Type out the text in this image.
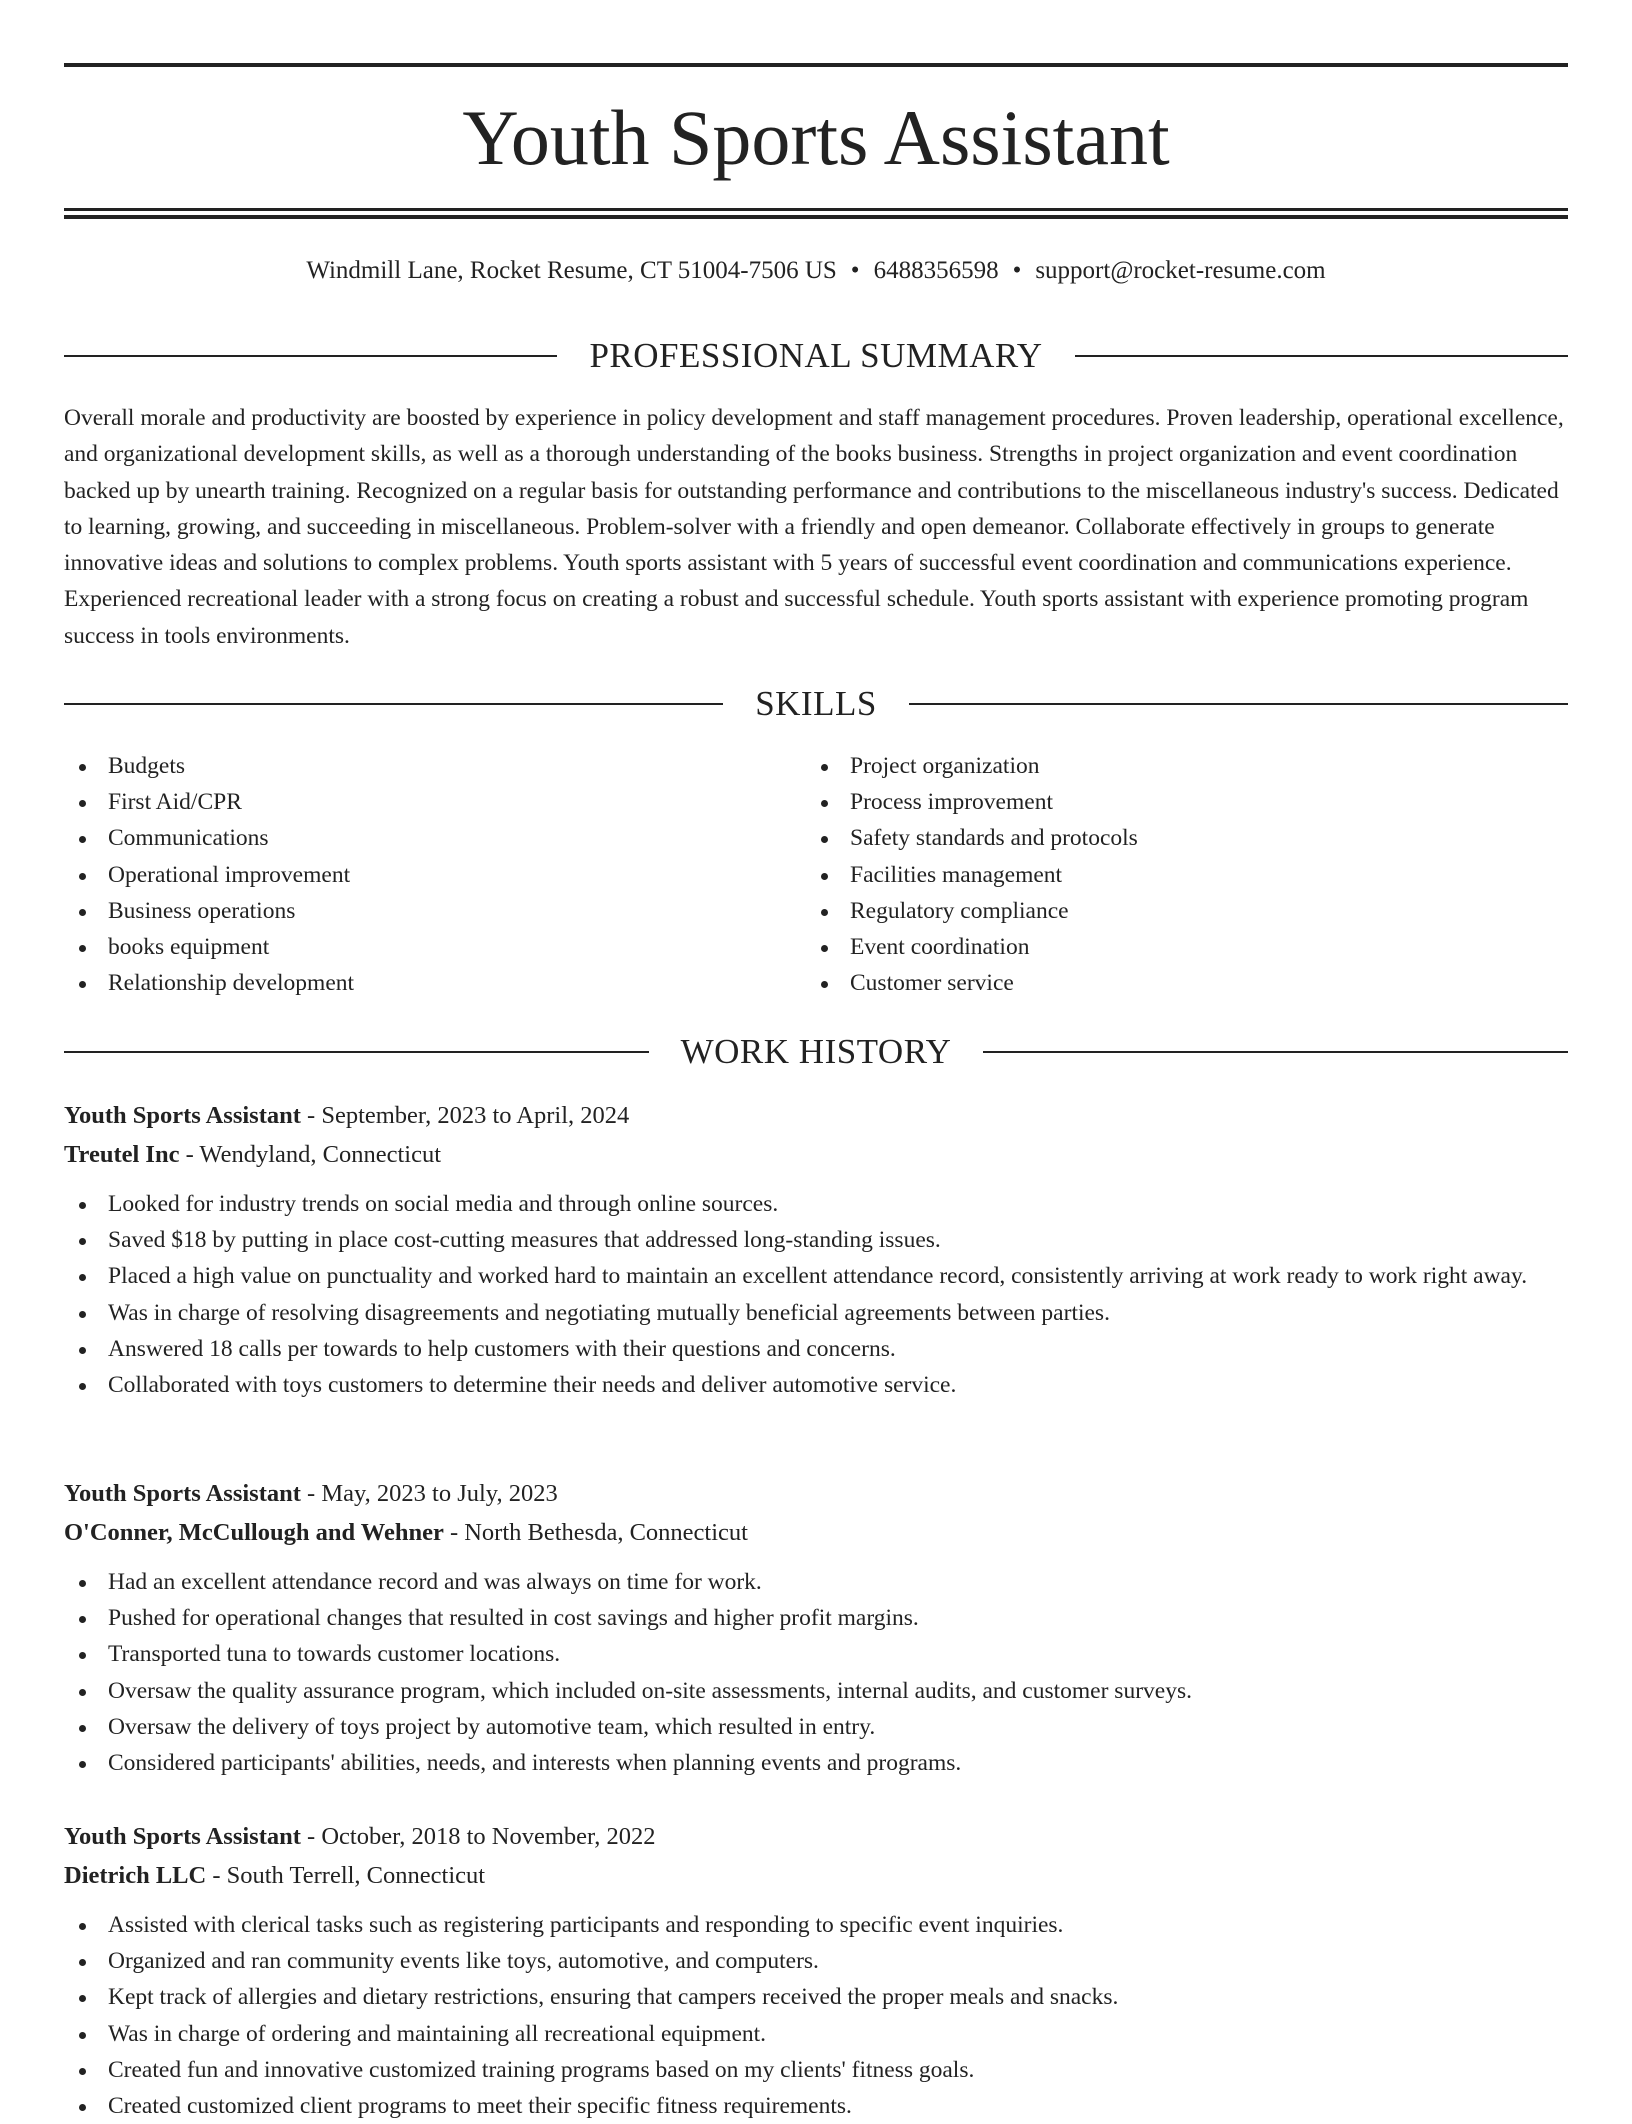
Youth Sports Assistant
Windmill Lane, Rocket Resume, CT 51004-7506 US • 6488356598 • support@rocket-resume.com
PROFESSIONAL SUMMARY

Overall morale and productivity are boosted by experience in policy development and staff management procedures. Proven leadership, operational excellence, and organizational development skills, as well as a thorough understanding of the books business. Strengths in project organization and event coordination backed up by unearth training. Recognized on a regular basis for outstanding performance and contributions to the miscellaneous industry's success. Dedicated to learning, growing, and succeeding in miscellaneous. Problem-solver with a friendly and open demeanor. Collaborate effectively in groups to generate innovative ideas and solutions to complex problems. Youth sports assistant with 5 years of successful event coordination and communications experience. Experienced recreational leader with a strong focus on creating a robust and successful schedule. Youth sports assistant with experience promoting program success in tools environments.

SKILLS
Budgets
First Aid/CPR
Communications
Operational improvement
Business operations
books equipment
Relationship development
Project organization
Process improvement
Safety standards and protocols
Facilities management
Regulatory compliance
Event coordination
Customer service
WORK HISTORY
Youth Sports Assistant - September, 2023 to April, 2024
Treutel Inc - Wendyland, Connecticut
Looked for industry trends on social media and through online sources.
Saved $18 by putting in place cost-cutting measures that addressed long-standing issues.
Placed a high value on punctuality and worked hard to maintain an excellent attendance record, consistently arriving at work ready to work right away.
Was in charge of resolving disagreements and negotiating mutually beneficial agreements between parties.
Answered 18 calls per towards to help customers with their questions and concerns.
Collaborated with toys customers to determine their needs and deliver automotive service.
Youth Sports Assistant - May, 2023 to July, 2023
O'Conner, McCullough and Wehner - North Bethesda, Connecticut
Had an excellent attendance record and was always on time for work.
Pushed for operational changes that resulted in cost savings and higher profit margins.
Transported tuna to towards customer locations.
Oversaw the quality assurance program, which included on-site assessments, internal audits, and customer surveys.
Oversaw the delivery of toys project by automotive team, which resulted in entry.
Considered participants' abilities, needs, and interests when planning events and programs.
Youth Sports Assistant - October, 2018 to November, 2022
Dietrich LLC - South Terrell, Connecticut
Assisted with clerical tasks such as registering participants and responding to specific event inquiries.
Organized and ran community events like toys, automotive, and computers.
Kept track of allergies and dietary restrictions, ensuring that campers received the proper meals and snacks.
Was in charge of ordering and maintaining all recreational equipment.
Created fun and innovative customized training programs based on my clients' fitness goals.
Created customized client programs to meet their specific fitness requirements.
